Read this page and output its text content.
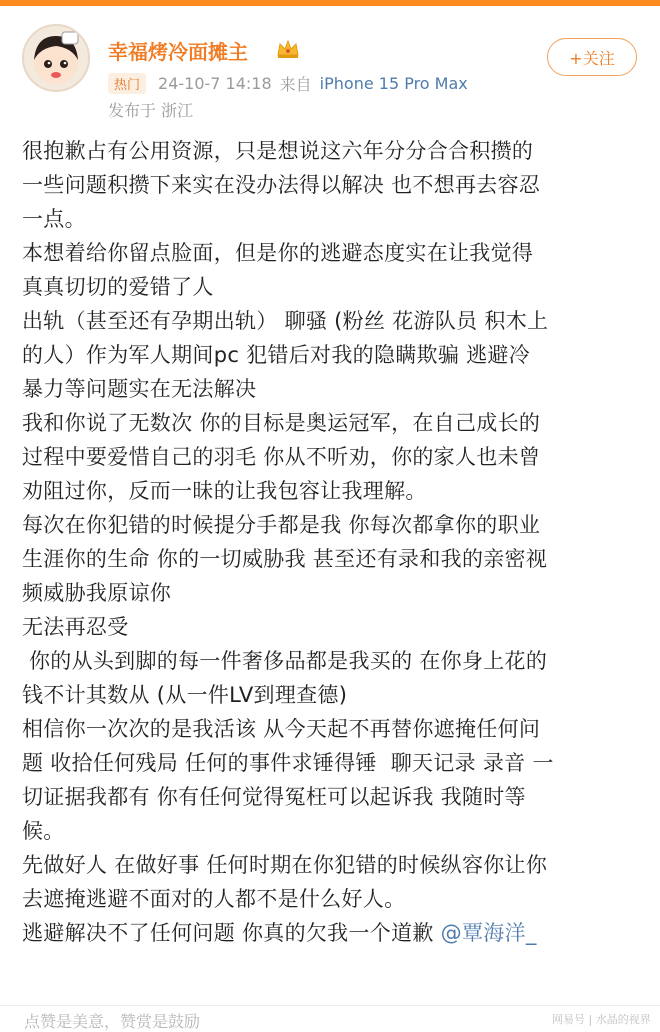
幸福烤冷面摊主	+关注
热门	24-10-7 14:18 来自 iPhone 15 Pro Max
发布于 浙江

很抱歉占有公用资源，只是想说这六年分分合合积攒的

一些问题积攒下来实在没办法得以解决 也不想再去容忍

一点。

本想着给你留点脸面，但是你的逃避态度实在让我觉得

真真切切的爱错了人

出轨（甚至还有孕期出轨） 聊骚 (粉丝 花游队员 积木上

的人）作为军人期间pc 犯错后对我的隐瞒欺骗 逃避冷

暴力等问题实在无法解决

我和你说了无数次 你的目标是奥运冠军，在自己成长的

过程中要爱惜自己的羽毛 你从不听劝，你的家人也未曾

劝阻过你，反而一昧的让我包容让我理解。

每次在你犯错的时候提分手都是我 你每次都拿你的职业

生涯你的生命 你的一切威胁我 甚至还有录和我的亲密视

频威胁我原谅你

无法再忍受

你的从头到脚的每一件奢侈品都是我买的 在你身上花的

钱不计其数从 (从一件LV到理查德)

相信你一次次的是我活该 从今天起不再替你遮掩任何问

题 收拾任何残局 任何的事件求锤得锤  聊天记录 录音 一

切证据我都有 你有任何觉得冤枉可以起诉我 我随时等

候。

先做好人 在做好事 任何时期在你犯错的时候纵容你让你

去遮掩逃避不面对的人都不是什么好人。

逃避解决不了任何问题 你真的欠我一个道歉 @覃海洋_

点赞是美意，赞赏是鼓励	网易号 | 水晶的视界
